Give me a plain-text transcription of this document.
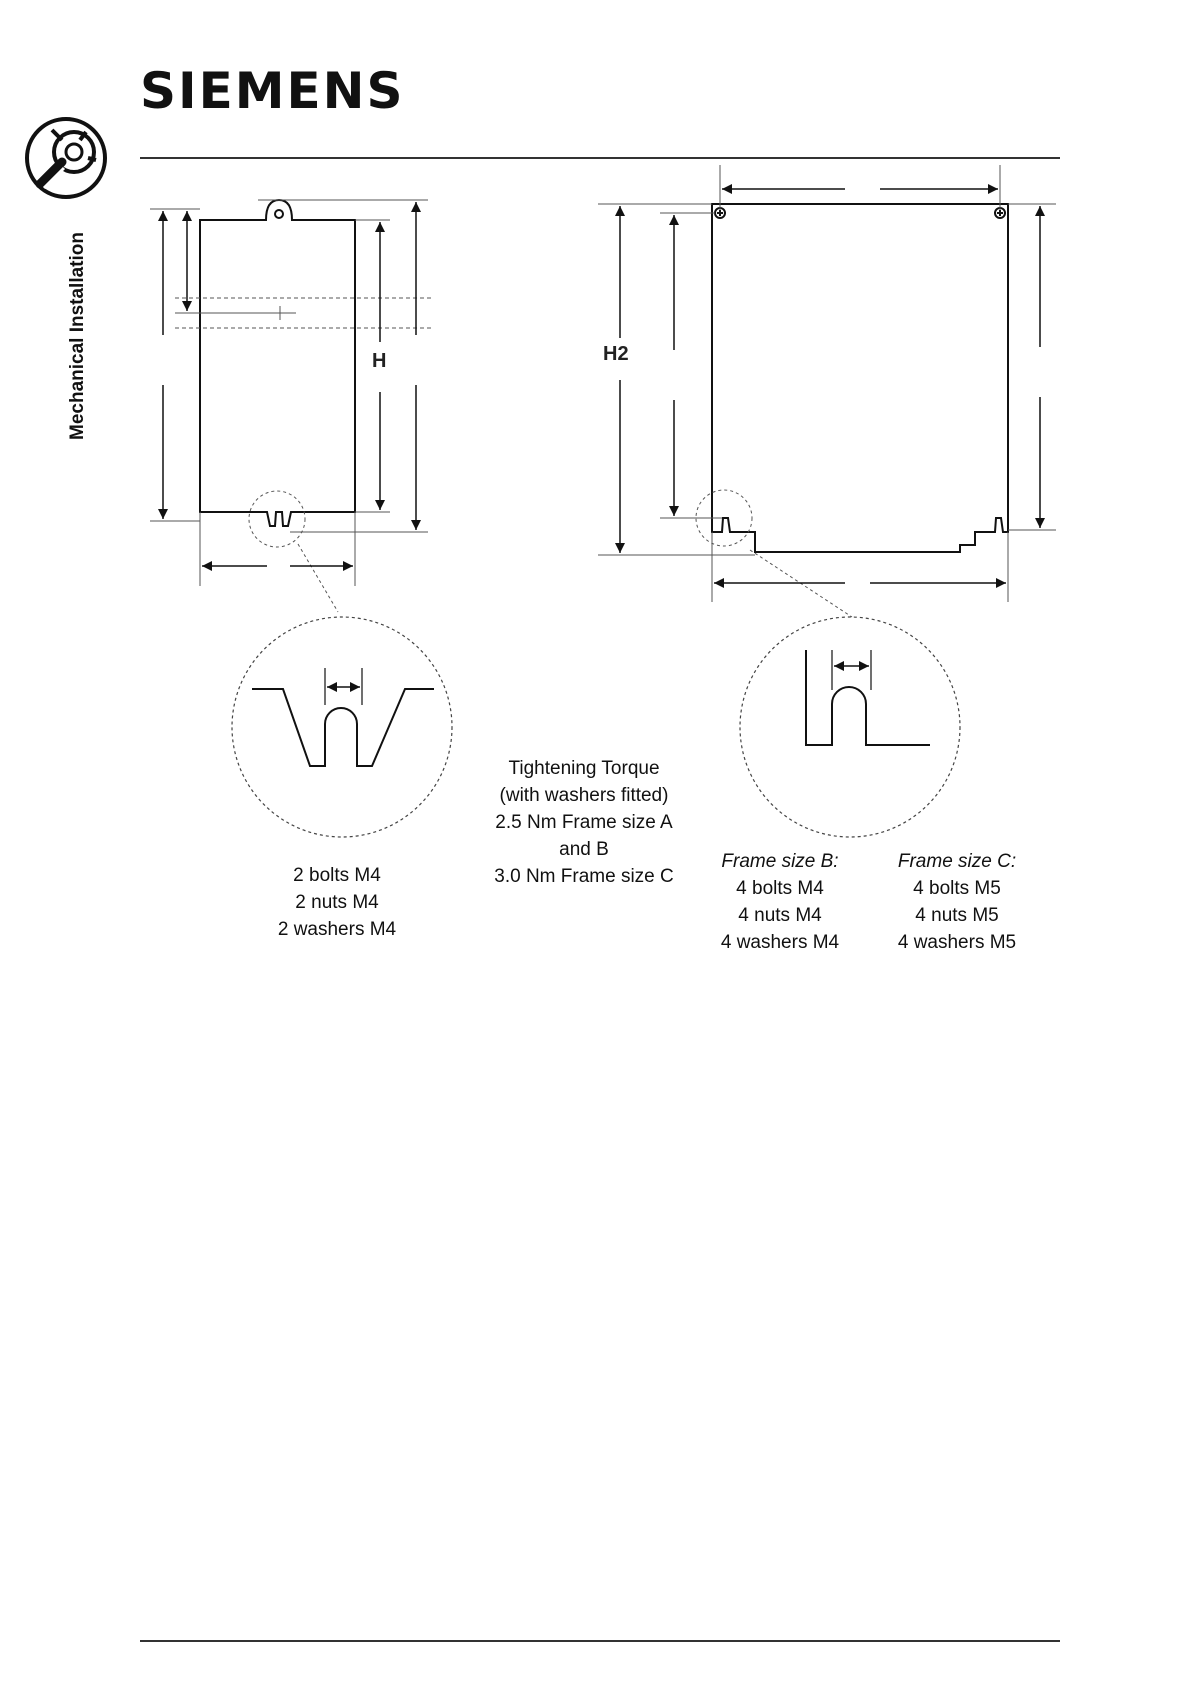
SIEMENS
Mechanical Installation	H	H2
2 bolts M4
2 nuts M4
2 washers M4
Tightening Torque
(with washers fitted)
2.5 Nm Frame size A
and B
3.0 Nm Frame size C
Frame size B:
4 bolts M4
4 nuts M4
4 washers M4
Frame size C:
4 bolts M5
4 nuts M5
4 washers M5
